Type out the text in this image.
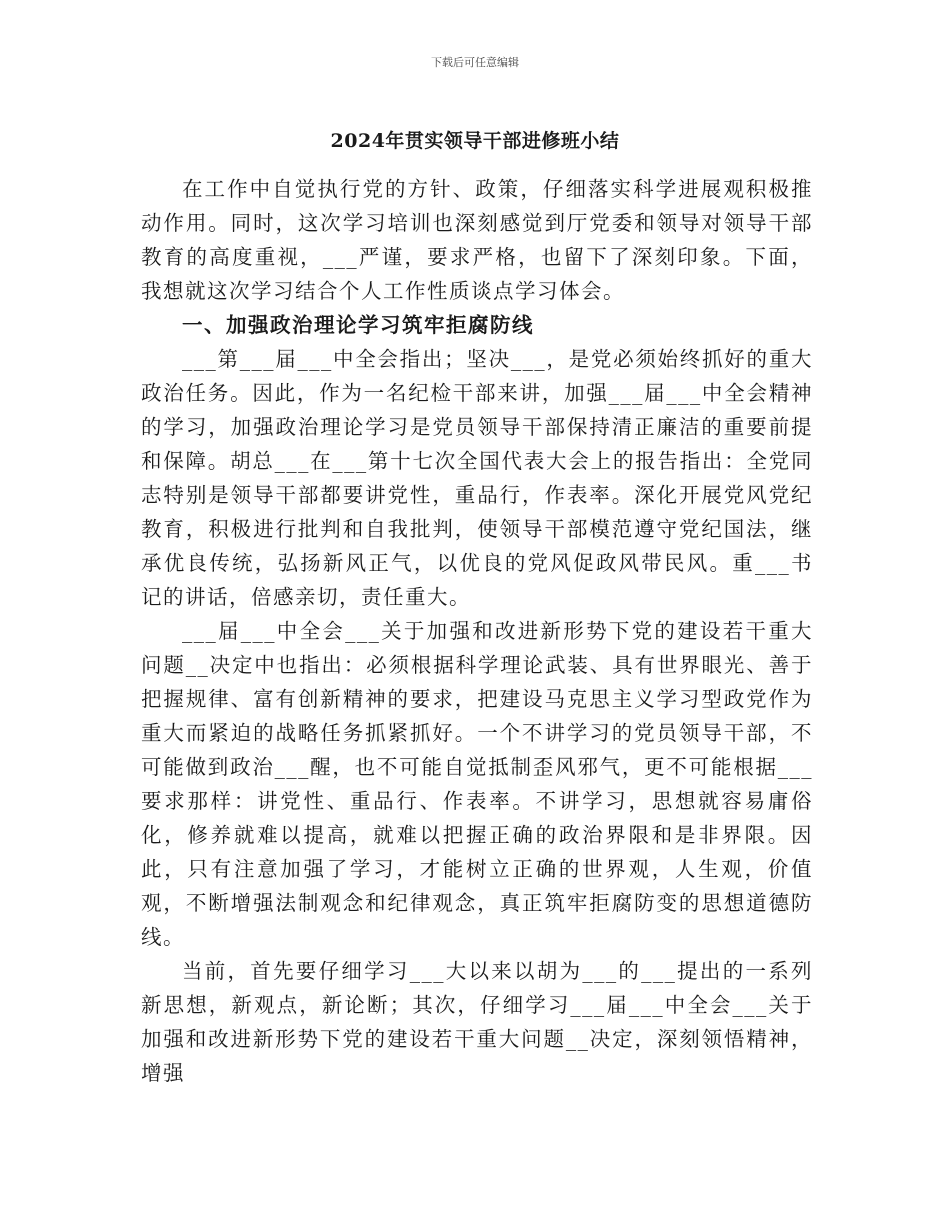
下载后可任意编辑
2024年贯实领导干部进修班小结

在工作中自觉执行党的方针、政策，仔细落实科学进展观积极推动作用。同时，这次学习培训也深刻感觉到厅党委和领导对领导干部教育的高度重视，___严谨，要求严格，也留下了深刻印象。下面，我想就这次学习结合个人工作性质谈点学习体会。

一、加强政治理论学习筑牢拒腐防线

___第___届___中全会指出；坚决___，是党必须始终抓好的重大政治任务。因此，作为一名纪检干部来讲，加强___届___中全会精神的学习，加强政治理论学习是党员领导干部保持清正廉洁的重要前提和保障。胡总___在___第十七次全国代表大会上的报告指出：全党同志特别是领导干部都要讲党性，重品行，作表率。深化开展党风党纪教育，积极进行批判和自我批判，使领导干部模范遵守党纪国法，继承优良传统，弘扬新风正气，以优良的党风促政风带民风。重___书记的讲话，倍感亲切，责任重大。

___届___中全会___关于加强和改进新形势下党的建设若干重大问题__决定中也指出：必须根据科学理论武装、具有世界眼光、善于把握规律、富有创新精神的要求，把建设马克思主义学习型政党作为重大而紧迫的战略任务抓紧抓好。一个不讲学习的党员领导干部，不可能做到政治___醒，也不可能自觉抵制歪风邪气，更不可能根据___要求那样：讲党性、重品行、作表率。不讲学习，思想就容易庸俗化，修养就难以提高，就难以把握正确的政治界限和是非界限。因此，只有注意加强了学习，才能树立正确的世界观，人生观，价值观，不断增强法制观念和纪律观念，真正筑牢拒腐防变的思想道德防线。

当前，首先要仔细学习___大以来以胡为___的___提出的一系列新思想，新观点，新论断；其次，仔细学习___届___中全会___关于加强和改进新形势下党的建设若干重大问题__决定，深刻领悟精神，增强
